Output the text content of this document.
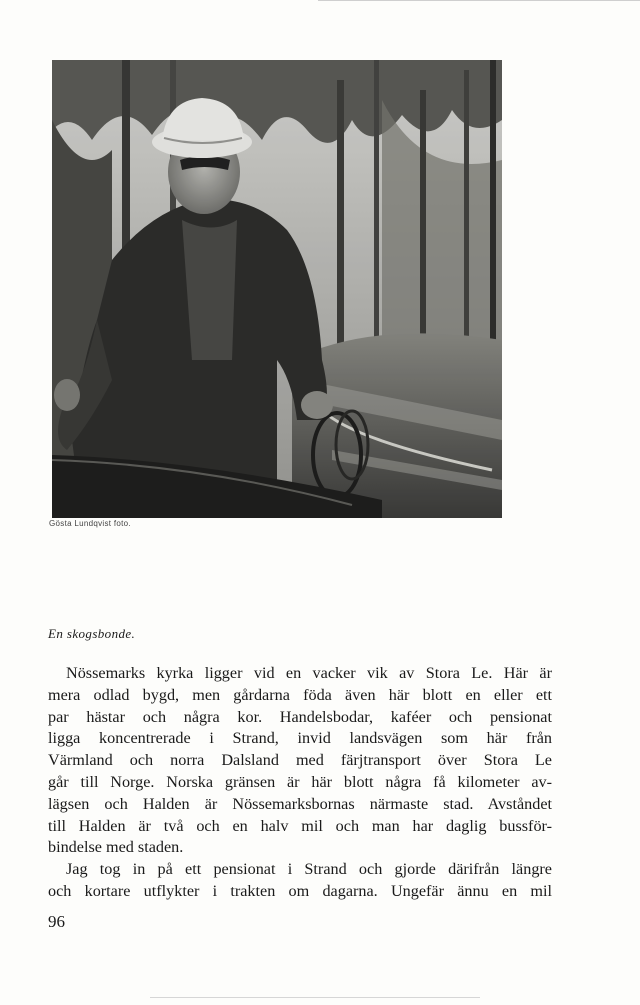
Gösta Lundqvist foto.
En skogsbonde.
Nössemarks kyrka ligger vid en vacker vik av Stora Le. Här är
mera odlad bygd, men gårdarna föda även här blott en eller ett
par hästar och några kor. Handelsbodar, kaféer och pensionat
ligga koncentrerade i Strand, invid landsvägen som här från
Värmland och norra Dalsland med färjtransport över Stora Le
går till Norge. Norska gränsen är här blott några få kilometer av-
lägsen och Halden är Nössemarksbornas närmaste stad. Avståndet
till Halden är två och en halv mil och man har daglig bussför-
bindelse med staden.
Jag tog in på ett pensionat i Strand och gjorde därifrån längre
och kortare utflykter i trakten om dagarna. Ungefär ännu en mil
96
